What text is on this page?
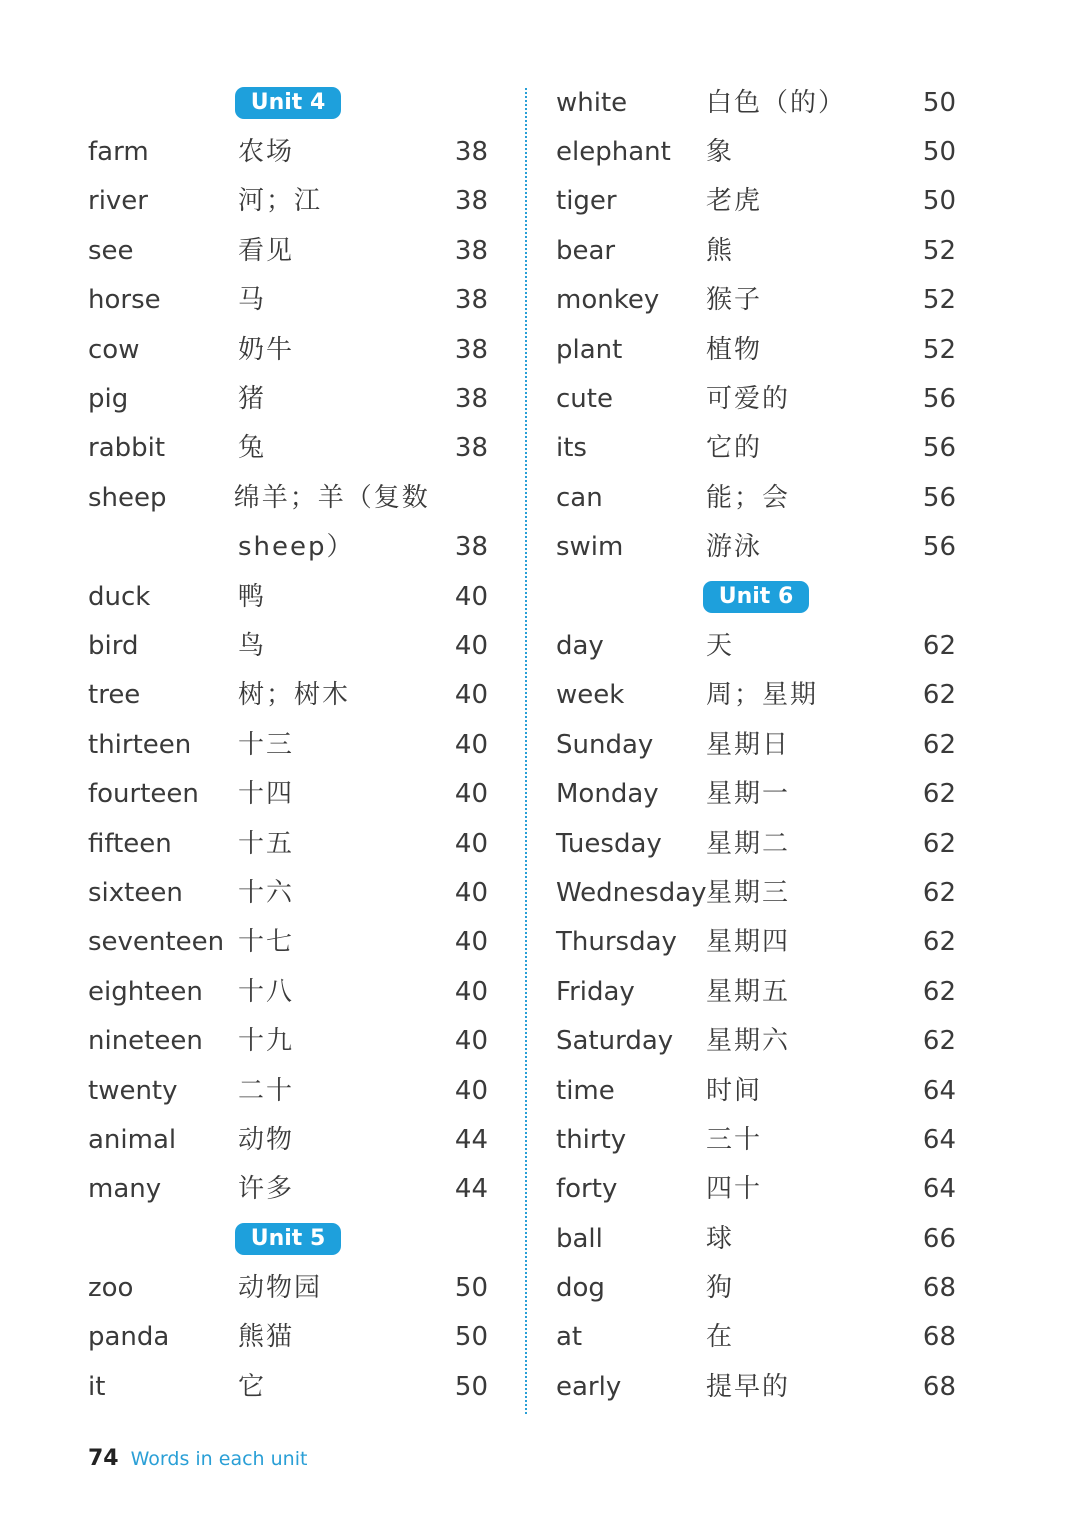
Unit 4
farm	农场	38
river	河；江	38
see	看见	38
horse	马	38
cow	奶牛	38
pig	猪	38
rabbit	兔	38
sheep	绵羊；羊（复数
sheep）	38
duck	鸭	40
bird	鸟	40
tree	树；树木	40
thirteen	十三	40
fourteen	十四	40
fifteen	十五	40
sixteen	十六	40
seventeen 十七	40
eighteen	十八	40
nineteen	十九	40
twenty	二十	40
animal	动物	44
many	许多	44
Unit 5
zoo	动物园	50
panda	熊猫	50
it	它	50
white	白色（的）	50
elephant	象	50
tiger	老虎	50
bear	熊	52
monkey	猴子	52
plant	植物	52
cute	可爱的	56
its	它的	56
can	能；会	56
swim	游泳	56
Unit 6
day	天	62
week	周；星期	62
Sunday	星期日	62
Monday	星期一	62
Tuesday	星期二	62
Wednesday 星期三	62
Thursday	星期四	62
Friday	星期五	62
Saturday	星期六	62
time	时间	64
thirty	三十	64
forty	四十	64
ball	球	66
dog	狗	68
at	在	68
early	提早的	68
74 Words in each unit
